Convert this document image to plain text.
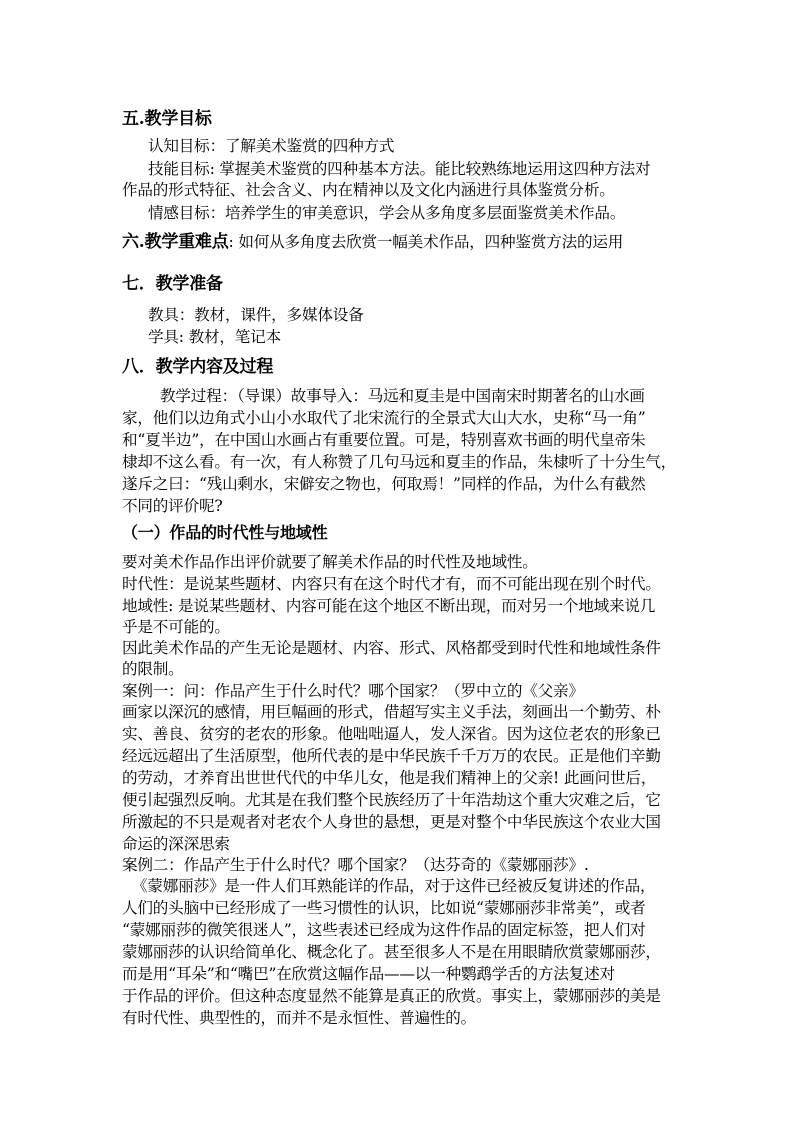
五.教学目标
认知目标：了解美术鉴赏的四种方式
技能目标: 掌握美术鉴赏的四种基本方法。能比较熟练地运用这四种方法对
作品的形式特征、社会含义、内在精神以及文化内涵进行具体鉴赏分析。
情感目标：培养学生的审美意识，学会从多角度多层面鉴赏美术作品。
六.教学重难点: 如何从多角度去欣赏一幅美术作品，四种鉴赏方法的运用
七．教学准备
教具：教材，课件，多媒体设备
学具: 教材，笔记本
八．教学内容及过程
教学过程：（导课）故事导入：马远和夏圭是中国南宋时期著名的山水画
家，他们以边角式小山小水取代了北宋流行的全景式大山大水，史称“马一角”
和“夏半边”，在中国山水画占有重要位置。可是，特别喜欢书画的明代皇帝朱
棣却不这么看。有一次，有人称赞了几句马远和夏圭的作品，朱棣听了十分生气，
遂斥之曰：“残山剩水，宋僻安之物也，何取焉！”同样的作品，为什么有截然
不同的评价呢?
（一）作品的时代性与地域性
要对美术作品作出评价就要了解美术作品的时代性及地域性。
时代性：是说某些题材、内容只有在这个时代才有，而不可能出现在别个时代。
地域性: 是说某些题材、内容可能在这个地区不断出现，而对另一个地域来说几
乎是不可能的。
因此美术作品的产生无论是题材、内容、形式、风格都受到时代性和地域性条件
的限制。
案例一：问：作品产生于什么时代？哪个国家？（罗中立的《父亲》
画家以深沉的感情，用巨幅画的形式，借超写实主义手法，刻画出一个勤劳、朴
实、善良、贫穷的老农的形象。他咄咄逼人，发人深省。因为这位老农的形象已
经远远超出了生活原型，他所代表的是中华民族千千万万的农民。正是他们辛勤
的劳动，才养育出世世代代的中华儿女，他是我们精神上的父亲! 此画问世后，
便引起强烈反响。尤其是在我们整个民族经历了十年浩劫这个重大灾难之后，它
所激起的不只是观者对老农个人身世的悬想，更是对整个中华民族这个农业大国
命运的深深思索
案例二：作品产生于什么时代？哪个国家？（达芬奇的《蒙娜丽莎》.
《蒙娜丽莎》是一件人们耳熟能详的作品，对于这件已经被反复讲述的作品，
人们的头脑中已经形成了一些习惯性的认识，比如说“蒙娜丽莎非常美”，或者
“蒙娜丽莎的微笑很迷人”，这些表述已经成为这件作品的固定标签，把人们对
蒙娜丽莎的认识给简单化、概念化了。甚至很多人不是在用眼睛欣赏蒙娜丽莎，
而是用“耳朵”和“嘴巴”在欣赏这幅作品——以一种鹦鹉学舌的方法复述对
于作品的评价。但这种态度显然不能算是真正的欣赏。事实上，蒙娜丽莎的美是
有时代性、典型性的，而并不是永恒性、普遍性的。
